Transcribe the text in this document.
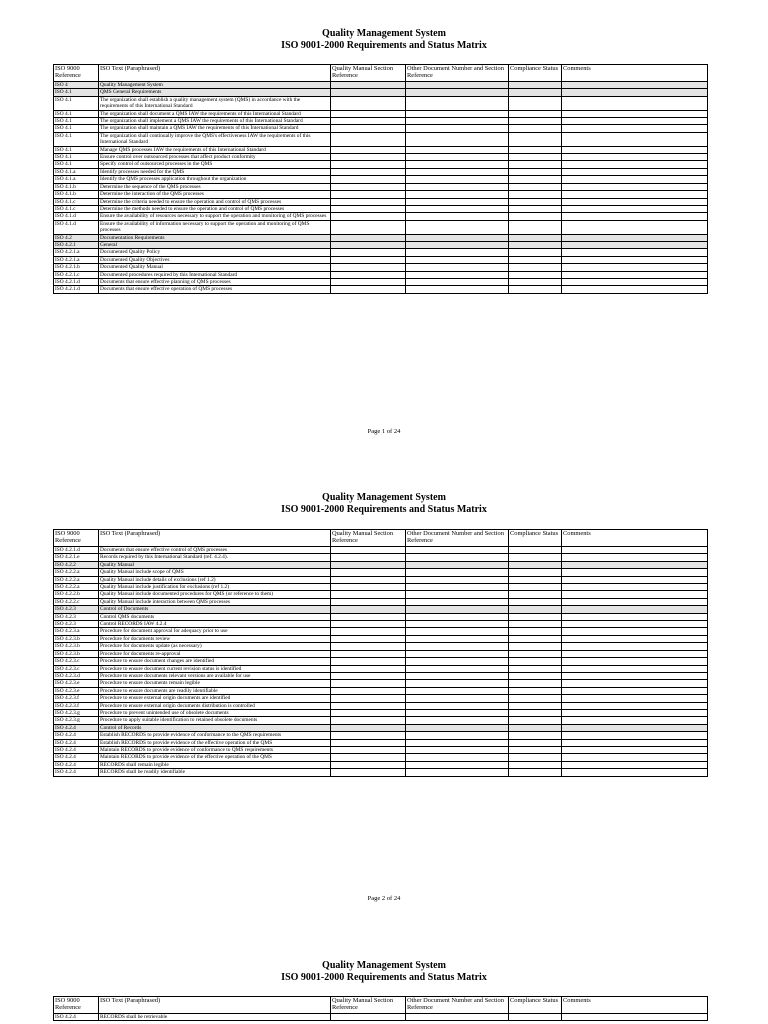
Quality Management System
ISO 9001-2000 Requirements and Status Matrix
ISO 9000 Reference	ISO Text (Paraphrased)	Quality Manual Section Reference	Other Document Number and Section Reference	Compliance Status	Comments
ISO 4	Quality Management System				
ISO 4.1	QMS General Requirements				
ISO 4.1	The organization shall establish a quality management system (QMS) in accordance with the requirements of this International Standard				
ISO 4.1	The organization shall document a QMS IAW the requirements of this International Standard				
ISO 4.1	The organization shall implement a QMS IAW the requirements of this International Standard				
ISO 4.1	The organization shall maintain a QMS IAW the requirements of this International Standard				
ISO 4.1	The organization shall continually improve the QMS's effectiveness IAW the requirements of this International Standard				
ISO 4.1	Manage QMS processes IAW the requirements of this International Standard				
ISO 4.1	Ensure control over outsourced processes that affect product conformity				
ISO 4.1	Specify control of outsourced processes in the QMS				
ISO 4.1.a	Identify processes needed for the QMS				
ISO 4.1.a	Identify the QMS processes application throughout the organization				
ISO 4.1.b	Determine the sequence of the QMS processes				
ISO 4.1.b	Determine the interaction of the QMS processes				
ISO 4.1.c	Determine the criteria needed to ensure the operation and control of QMS processes				
ISO 4.1.c	Determine the methods needed to ensure the operation and control of QMS processes				
ISO 4.1.d	Ensure the availability of resources necessary to support the operation and monitoring of QMS processes				
ISO 4.1.d	Ensure the availability of information necessary to support the operation and monitoring of QMS processes				
ISO 4.2	Documentation Requirements				
ISO 4.2.1	General				
ISO 4.2.1.a	Documented Quality Policy				
ISO 4.2.1.a	Documented Quality Objectives				
ISO 4.2.1.b	Documented Quality Manual				
ISO 4.2.1.c	Documented procedures required by this International Standard				
ISO 4.2.1.d	Documents that ensure effective planning of QMS processes				
ISO 4.2.1.d	Documents that ensure effective operation of QMS processes				
Page 1 of 24
Quality Management System
ISO 9001-2000 Requirements and Status Matrix
ISO 9000 Reference	ISO Text (Paraphrased)	Quality Manual Section Reference	Other Document Number and Section Reference	Compliance Status	Comments
ISO 4.2.1.d	Documents that ensure effective control of QMS processes				
ISO 4.2.1.e	Records required by this International Standard (ref. 4.2.4).				
ISO 4.2.2	Quality Manual				
ISO 4.2.2.a	Quality Manual include scope of QMS				
ISO 4.2.2.a	Quality Manual include details of exclusions (ref 1.2)				
ISO 4.2.2.a	Quality Manual include justification for exclusions (ref 1.2)				
ISO 4.2.2.b	Quality Manual include documented procedures for QMS (or reference to them)				
ISO 4.2.2.c	Quality Manual include interaction between QMS processes				
ISO 4.2.3	Control of Documents				
ISO 4.2.3	Control QMS documents				
ISO 4.2.3	Control RECORDS IAW 4.2.4				
ISO 4.2.3.a	Procedure for document approval for adequacy prior to use				
ISO 4.2.3.b	Procedure for documents review				
ISO 4.2.3.b	Procedure for documents update (as necessary)				
ISO 4.2.3.b	Procedure for documents re-approval				
ISO 4.2.3.c	Procedure to ensure document changes are identified				
ISO 4.2.3.c	Procedure to ensure document current revision status is identified				
ISO 4.2.3.d	Procedure to ensure documents relevant versions are available for use				
ISO 4.2.3.e	Procedure to ensure documents remain legible				
ISO 4.2.3.e	Procedure to ensure documents are readily identifiable				
ISO 4.2.3.f	Procedure to ensure external origin documents are identified				
ISO 4.2.3.f	Procedure to ensure external origin documents distribution is controlled				
ISO 4.2.3.g	Procedure to prevent unintended use of obsolete documents				
ISO 4.2.3.g	Procedure to apply suitable identification to retained obsolete documents				
ISO 4.2.4	Control of Records				
ISO 4.2.4	Establish RECORDS to provide evidence of conformance to the QMS requirements				
ISO 4.2.4	Establish RECORDS to provide evidence of the effective operation of the QMS				
ISO 4.2.4	Maintain RECORDS to provide evidence of conformance to QMS requirements				
ISO 4.2.4	Maintain RECORDS to provide evidence of the effective operation of the QMS				
ISO 4.2.4	RECORDS shall remain legible				
ISO 4.2.4	RECORDS shall be readily identifiable				
Page 2 of 24
Quality Management System
ISO 9001-2000 Requirements and Status Matrix
ISO 9000 Reference	ISO Text (Paraphrased)	Quality Manual Section Reference	Other Document Number and Section Reference	Compliance Status	Comments
ISO 4.2.4	RECORDS shall be retrievable				
